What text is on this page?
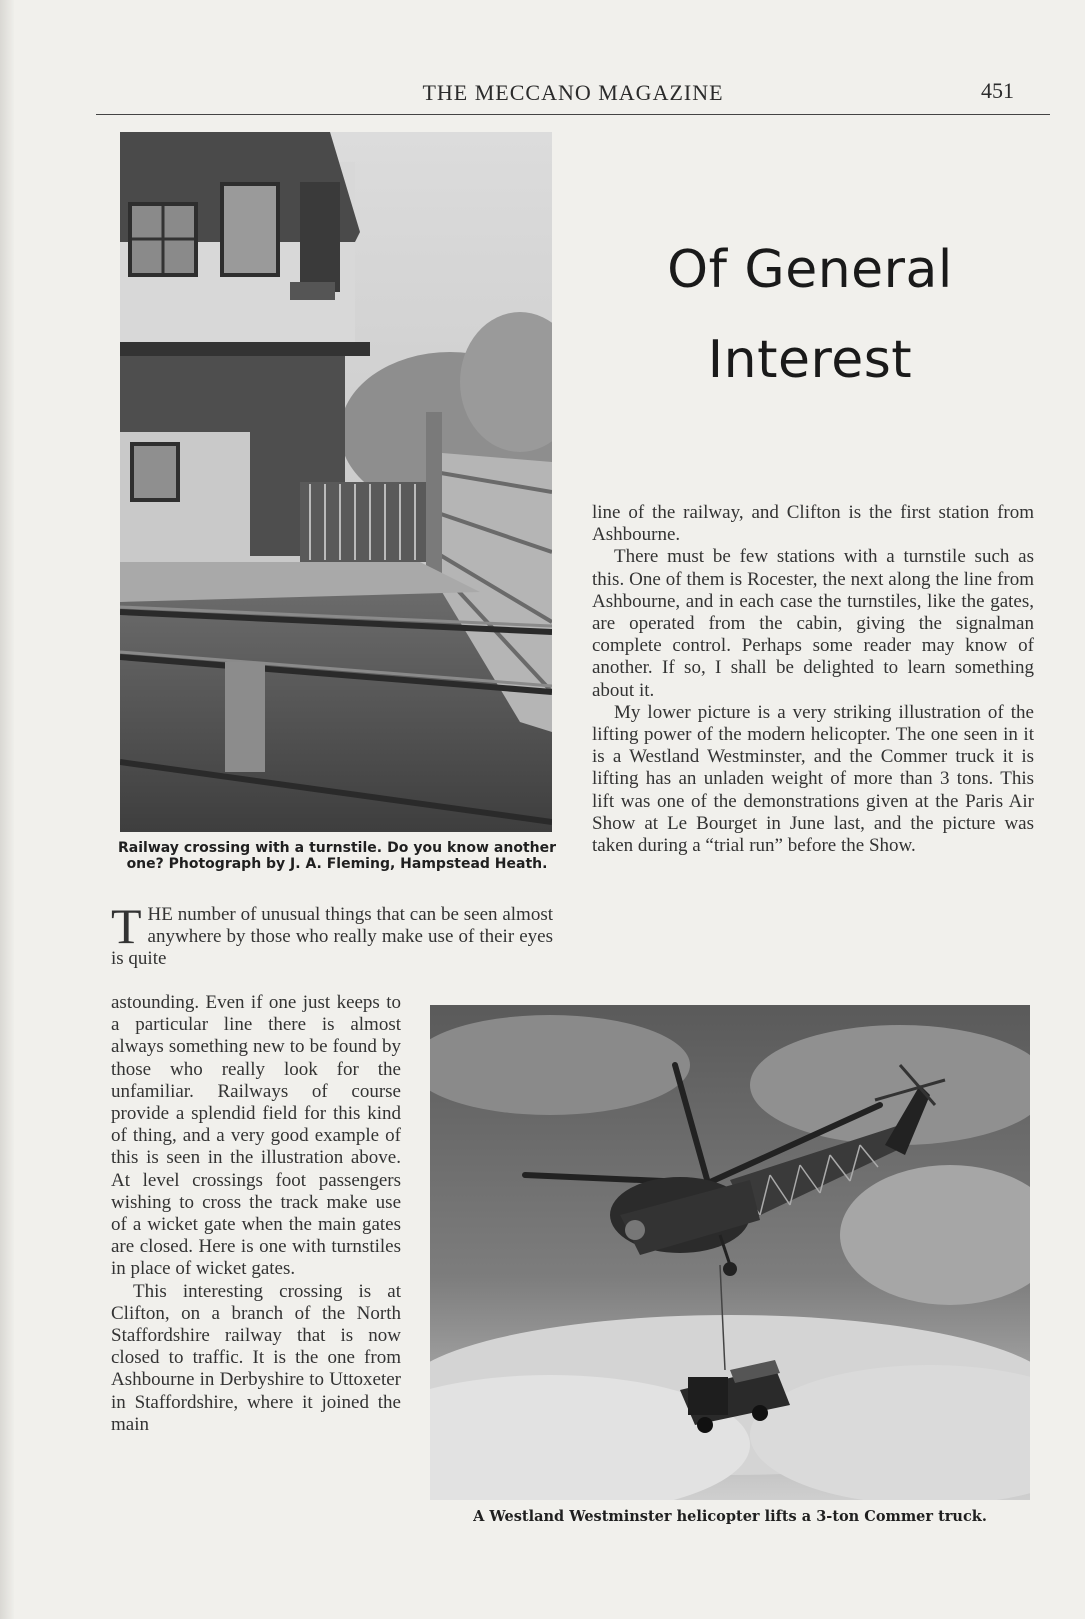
THE MECCANO MAGAZINE	451
Railway crossing with a turnstile. Do you know another one? Photograph by J. A. Fleming, Hampstead Heath.
Of General
Interest

THE number of unusual things that can be seen almost anywhere by those who really make use of their eyes is quite

astounding. Even if one just keeps to a particular line there is almost always something new to be found by those who really look for the unfamiliar. Railways of course provide a splendid field for this kind of thing, and a very good example of this is seen in the illustration above. At level crossings foot passengers wishing to cross the track make use of a wicket gate when the main gates are closed. Here is one with turnstiles in place of wicket gates.

This interesting crossing is at Clifton, on a branch of the North Staffordshire railway that is now closed to traffic. It is the one from Ashbourne in Derbyshire to Uttoxeter in Staffordshire, where it joined the main

line of the railway, and Clifton is the first station from Ashbourne.

There must be few stations with a turnstile such as this. One of them is Rocester, the next along the line from Ashbourne, and in each case the turnstiles, like the gates, are operated from the cabin, giving the signalman complete control. Perhaps some reader may know of another. If so, I shall be delighted to learn something about it.

My lower picture is a very striking illustration of the lifting power of the modern helicopter. The one seen in it is a Westland Westminster, and the Commer truck it is lifting has an unladen weight of more than 3 tons. This lift was one of the demonstrations given at the Paris Air Show at Le Bourget in June last, and the picture was taken during a “trial run” before the Show.

A Westland Westminster helicopter lifts a 3-ton Commer truck.
